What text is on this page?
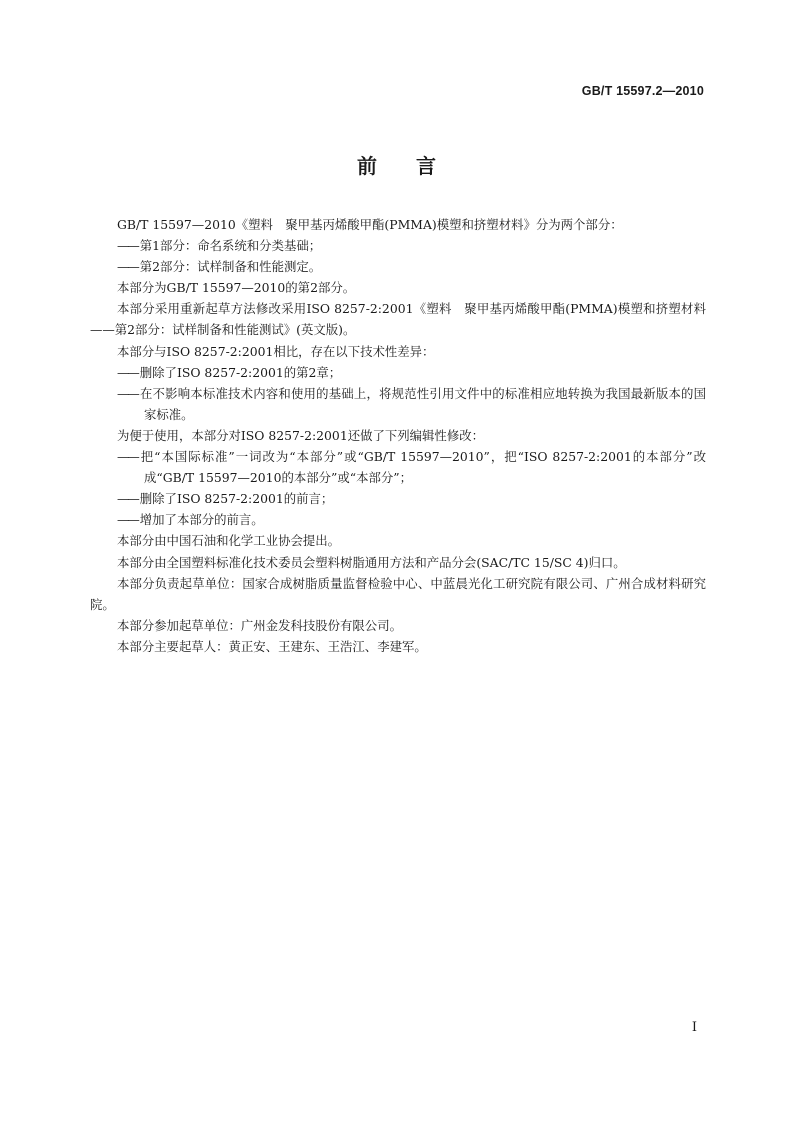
GB/T 15597.2—2010
前 言

GB/T 15597—2010《塑料　聚甲基丙烯酸甲酯(PMMA)模塑和挤塑材料》分为两个部分：

—— 第1部分：命名系统和分类基础；

—— 第2部分：试样制备和性能测定。

本部分为GB/T 15597—2010的第2部分。

本部分采用重新起草方法修改采用ISO 8257-2:2001《塑料　聚甲基丙烯酸甲酯(PMMA)模塑和挤塑材料——第2部分：试样制备和性能测试》(英文版)。

本部分与ISO 8257-2:2001相比，存在以下技术性差异：

—— 删除了ISO 8257-2:2001的第2章；

—— 在不影响本标准技术内容和使用的基础上，将规范性引用文件中的标准相应地转换为我国最新版本的国家标准。

为便于使用，本部分对ISO 8257-2:2001还做了下列编辑性修改：

—— 把“本国际标准”一词改为“本部分”或“GB/T 15597—2010”，把“ISO 8257-2:2001的本部分”改成“GB/T 15597—2010的本部分”或“本部分”；

—— 删除了ISO 8257-2:2001的前言；

—— 增加了本部分的前言。

本部分由中国石油和化学工业协会提出。

本部分由全国塑料标准化技术委员会塑料树脂通用方法和产品分会(SAC/TC 15/SC 4)归口。

本部分负责起草单位：国家合成树脂质量监督检验中心、中蓝晨光化工研究院有限公司、广州合成材料研究院。

本部分参加起草单位：广州金发科技股份有限公司。

本部分主要起草人：黄正安、王建东、王浩江、李建军。

I
